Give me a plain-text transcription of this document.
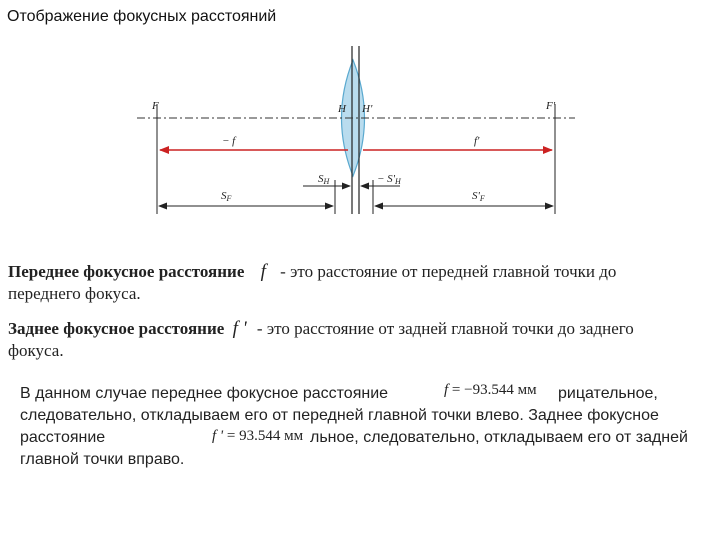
Отображение фокусных расстояний
F	H H'	F'
− f	f'
SH	− S'H
SF	S'F
Переднее фокусное расстояние f - это расстояние от передней главной точки до
переднего фокуса.
Заднее фокусное расстояние f ' - это расстояние от задней главной точки до заднего
фокуса.
В данном случае переднее фокусное расстояние	рицательное,
f = −93.544 мм
следовательно, откладываем его от передней главной точки влево. Заднее фокусное
расстояние	льное, следовательно, откладываем его от задней
f ' = 93.544 мм
главной точки вправо.
